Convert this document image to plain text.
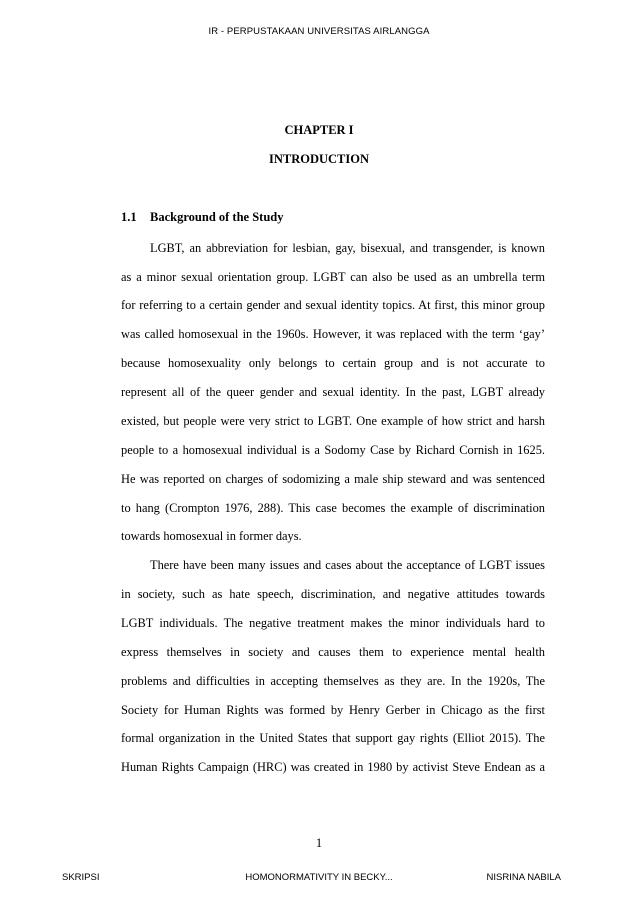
IR - PERPUSTAKAAN UNIVERSITAS AIRLANGGA
CHAPTER I
INTRODUCTION
1.1 Background of the Study
LGBT, an abbreviation for lesbian, gay, bisexual, and transgender, is known
as a minor sexual orientation group. LGBT can also be used as an umbrella term
for referring to a certain gender and sexual identity topics. At first, this minor group
was called homosexual in the 1960s. However, it was replaced with the term ‘gay’
because homosexuality only belongs to certain group and is not accurate to
represent all of the queer gender and sexual identity. In the past, LGBT already
existed, but people were very strict to LGBT. One example of how strict and harsh
people to a homosexual individual is a Sodomy Case by Richard Cornish in 1625.
He was reported on charges of sodomizing a male ship steward and was sentenced
to hang (Crompton 1976, 288). This case becomes the example of discrimination
towards homosexual in former days.
There have been many issues and cases about the acceptance of LGBT issues
in society, such as hate speech, discrimination, and negative attitudes towards
LGBT individuals. The negative treatment makes the minor individuals hard to
express themselves in society and causes them to experience mental health
problems and difficulties in accepting themselves as they are. In the 1920s, The
Society for Human Rights was formed by Henry Gerber in Chicago as the first
formal organization in the United States that support gay rights (Elliot 2015). The
Human Rights Campaign (HRC) was created in 1980 by activist Steve Endean as a
1
SKRIPSI	HOMONORMATIVITY IN BECKY...	NISRINA NABILA
